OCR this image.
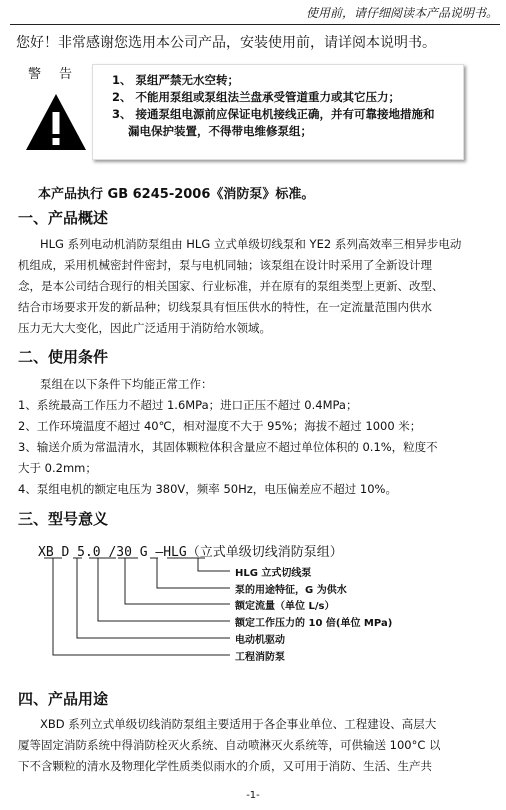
使用前，请仔细阅读本产品说明书。
您好！非常感谢您选用本公司产品，安装使用前，请详阅本说明书。
警告 1、 泵组严禁无水空转；
2、 不能用泵组或泵组法兰盘承受管道重力或其它压力；
3、 接通泵组电源前应保证电机接线正确，并有可靠接地措施和
漏电保护装置，不得带电维修泵组；
本产品执行 GB 6245-2006《消防泵》标准。
一、产品概述
HLG 系列电动机消防泵组由 HLG 立式单级切线泵和 YE2 系列高效率三相异步电动
机组成，采用机械密封件密封，泵与电机同轴；该泵组在设计时采用了全新设计理
念，是本公司结合现行的相关国家、行业标准，并在原有的泵组类型上更新、改型、
结合市场要求开发的新品种；切线泵具有恒压供水的特性，在一定流量范围内供水
压力无大大变化，因此广泛适用于消防给水领域。
二、使用条件
泵组在以下条件下均能正常工作：
1、系统最高工作压力不超过 1.6MPa；进口正压不超过 0.4MPa；
2、工作环境温度不超过 40℃，相对湿度不大于 95%；海拔不超过 1000 米；
3、输送介质为常温清水，其固体颗粒体积含量应不超过单位体积的 0.1%，粒度不
大于 0.2mm；
4、泵组电机的额定电压为 380V，频率 50Hz，电压偏差应不超过 10%。
三、型号意义
XB D 5.0 /30 G –HLG（立式单级切线消防泵组）
HLG 立式切线泵
泵的用途特征，G 为供水
额定流量（单位 L/s）
额定工作压力的 10 倍(单位 MPa)
电动机驱动
工程消防泵
四、产品用途
XBD 系列立式单级切线消防泵组主要适用于各企事业单位、工程建设、高层大
厦等固定消防系统中得消防栓灭火系统、自动喷淋灭火系统等，可供输送 100°C 以
下不含颗粒的清水及物理化学性质类似雨水的介质，又可用于消防、生活、生产共
-1-
